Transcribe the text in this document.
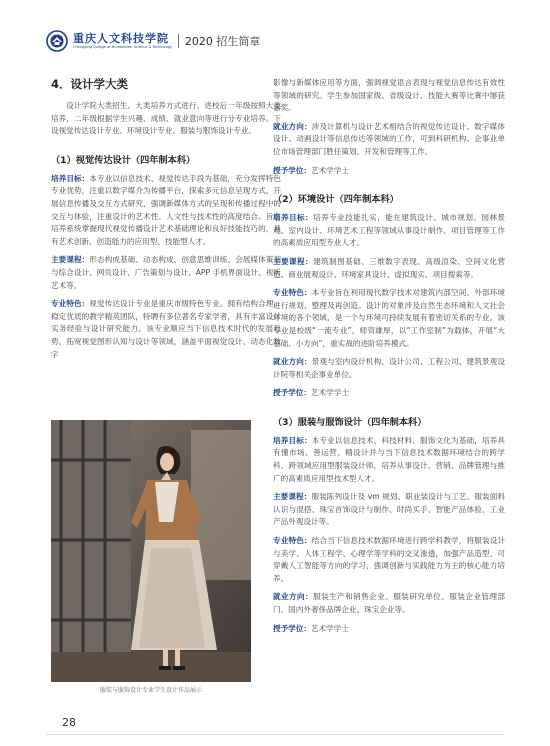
重庆人文科技学院
Chongqing College of Humanities, Science & Technology 2020 招生简章
4．设计学大类

设计学院大类招生。大类培养方式进行。进校后一年级按照大类培养，二年级根据学生兴趣、成绩、就业意向等进行分专业培养。下设视觉传达设计专业、环境设计专业、服装与服饰设计专业。

（1）视觉传达设计（四年制本科）

培养目标：本专业以信息技术、视觉传达手段为基础，充分发挥特色专业优势，注重以数字媒介为传播平台，探索多元信息呈现方式，开展信息传播及交互方式研究，强调新媒体方式的呈现和传播过程中的交互与体验，注重设计的艺术性、人文性与技术性的高度结合。旨在培养系统掌握现代视觉传播设计艺术基础理论和良好技能技巧的，具有艺术创新、创造能力的应用型、技能型人才。

主要课程：形态构成基础、动态构成、创意思维训练、会展媒体策划与综合设计、网页设计、广告策划与设计、APP 手机界面设计、视听艺术等。

专业特色：视觉传达设计专业是重庆市级特色专业。拥有结构合理，稳定优质的教学精英团队，特聘有多位著名专家学者，具有丰富设计实务经验与设计研究能力。该专业顺应当下信息技术时代的发展趋势，拓宽视觉图形认知与设计等领域，涵盖平面视觉设计、动态化数字

服装与服饰设计专业学生设计作品展示

影像与新媒体应用等方面，强调视觉语言表现与视觉信息传达有效性等领域的研究。学生参加国家级、省级设计、技能大赛等比赛中屡获嘉奖。

就业方向：涉及计算机与设计艺术相结合的视觉传达设计、数字媒体设计、动画设计等信息传达等领域的工作，可到科研机构、企事业单位市场管理部门胜任策划、开发和管理等工作。

授予学位：艺术学学士

（2）环境设计（四年制本科）

培养目标：培养专业技能扎实，能在建筑设计、城市规划、园林景观、室内设计、环境艺术工程等领域从事设计制作、项目管理等工作的高素质应用型专业人才。

主要课程：建筑制图基础、三维数字表现、高级渲染、空间文化营造、商业展观设计、环境家具设计、虚拟现实、项目搜索等。

专业特色：本专业旨在利用现代数字技术对建筑内部空间、外部环境进行规划、整理及再创造。设计的对象涉及自然生态环境和人文社会环境的各个领域，是一个与环境可持续发展有着密切关系的专业。该专业是校级“一流专业”，师资雄厚，以“工作室制”为载体，开展“大基础、小方向”，重实战的进阶培养模式。

就业方向：景观与室内设计机构、设计公司、工程公司、建筑景观设计院等相关企事业单位。

授予学位：艺术学学士

（3）服装与服饰设计（四年制本科）

培养目标：本专业以信息技术、科技材料、服饰文化为基础，培养具有懂市场、善运营、精设计并与当下信息技术数据环境结合的跨学科、跨领域应用型服装设计师，培养从事设计、营销、品牌管理与推广的高素质应用型技术型人才。

主要课程：服装陈列设计及 vm 规划、职业装设计与工艺、服装面料认识与混搭、珠宝首饰设计与制作、时尚买手、智能产品体验、工业产品外观设计等。

专业特色：结合当下信息技术数据环境进行跨学科教学，将服装设计与美学、人体工程学、心理学等学科的交叉渗透，加强产品造型、可穿戴人工智能等方向的学习，强调创新与实践能力为主的核心能力培养。

就业方向：服装生产和销售企业、服装研究单位、服装企业管理部门、国内外奢侈品牌企业、珠宝企业等。

授予学位：艺术学学士

28
